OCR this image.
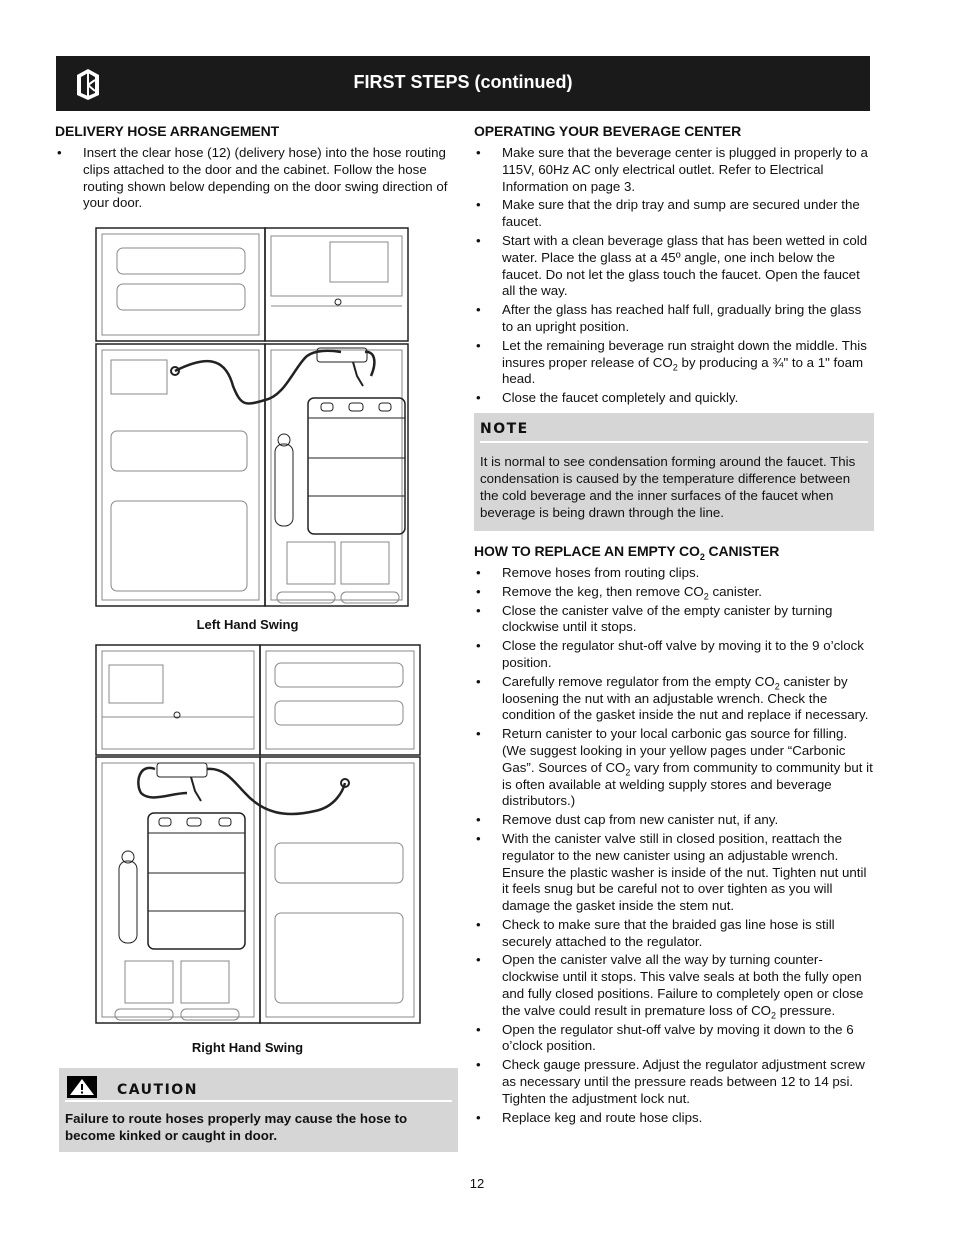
FIRST STEPS (continued)
DELIVERY HOSE ARRANGEMENT
• Insert the clear hose (12) (delivery hose) into the hose routing clips attached to the door and the cabinet. Follow the hose routing shown below depending on the door swing direction of your door.
Left Hand Swing
Right Hand Swing
CAUTION

Failure to route hoses properly may cause the hose to become kinked or caught in door.

OPERATING YOUR BEVERAGE CENTER
• Make sure that the beverage center is plugged in properly to a 115V, 60Hz AC only electrical outlet. Refer to Electrical Information on page 3.
• Make sure that the drip tray and sump are secured under the faucet.
• Start with a clean beverage glass that has been wetted in cold water. Place the glass at a 45º angle, one inch below the faucet. Do not let the glass touch the faucet. Open the faucet all the way.
• After the glass has reached half full, gradually bring the glass to an upright position.
• Let the remaining beverage run straight down the middle. This insures proper release of $CO_2$ by producing a ¾" to a 1" foam head.
• Close the faucet completely and quickly.
NOTE

It is normal to see condensation forming around the faucet. This condensation is caused by the temperature difference between the cold beverage and the inner surfaces of the faucet when beverage is being drawn through the line.

HOW TO REPLACE AN EMPTY $CO_2$ CANISTER
• Remove hoses from routing clips.
• Remove the keg, then remove $CO_2$ canister.
• Close the canister valve of the empty canister by turning clockwise until it stops.
• Close the regulator shut-off valve by moving it to the 9 o’clock position.
• Carefully remove regulator from the empty $CO_2$ canister by loosening the nut with an adjustable wrench. Check the condition of the gasket inside the nut and replace if necessary.
• Return canister to your local carbonic gas source for filling. (We suggest looking in your yellow pages under “Carbonic Gas”. Sources of $CO_2$ vary from community to community but it is often available at welding supply stores and beverage distributors.)
• Remove dust cap from new canister nut, if any.
• With the canister valve still in closed position, reattach the regulator to the new canister using an adjustable wrench. Ensure the plastic washer is inside of the nut. Tighten nut until it feels snug but be careful not to over tighten as you will damage the gasket inside the stem nut.
• Check to make sure that the braided gas line hose is still securely attached to the regulator.
• Open the canister valve all the way by turning counter-clockwise until it stops. This valve seals at both the fully open and fully closed positions. Failure to completely open or close the valve could result in premature loss of $CO_2$ pressure.
• Open the regulator shut-off valve by moving it down to the 6 o’clock position.
• Check gauge pressure. Adjust the regulator adjustment screw as necessary until the pressure reads between 12 to 14 psi. Tighten the adjustment lock nut.
• Replace keg and route hose clips.
12
